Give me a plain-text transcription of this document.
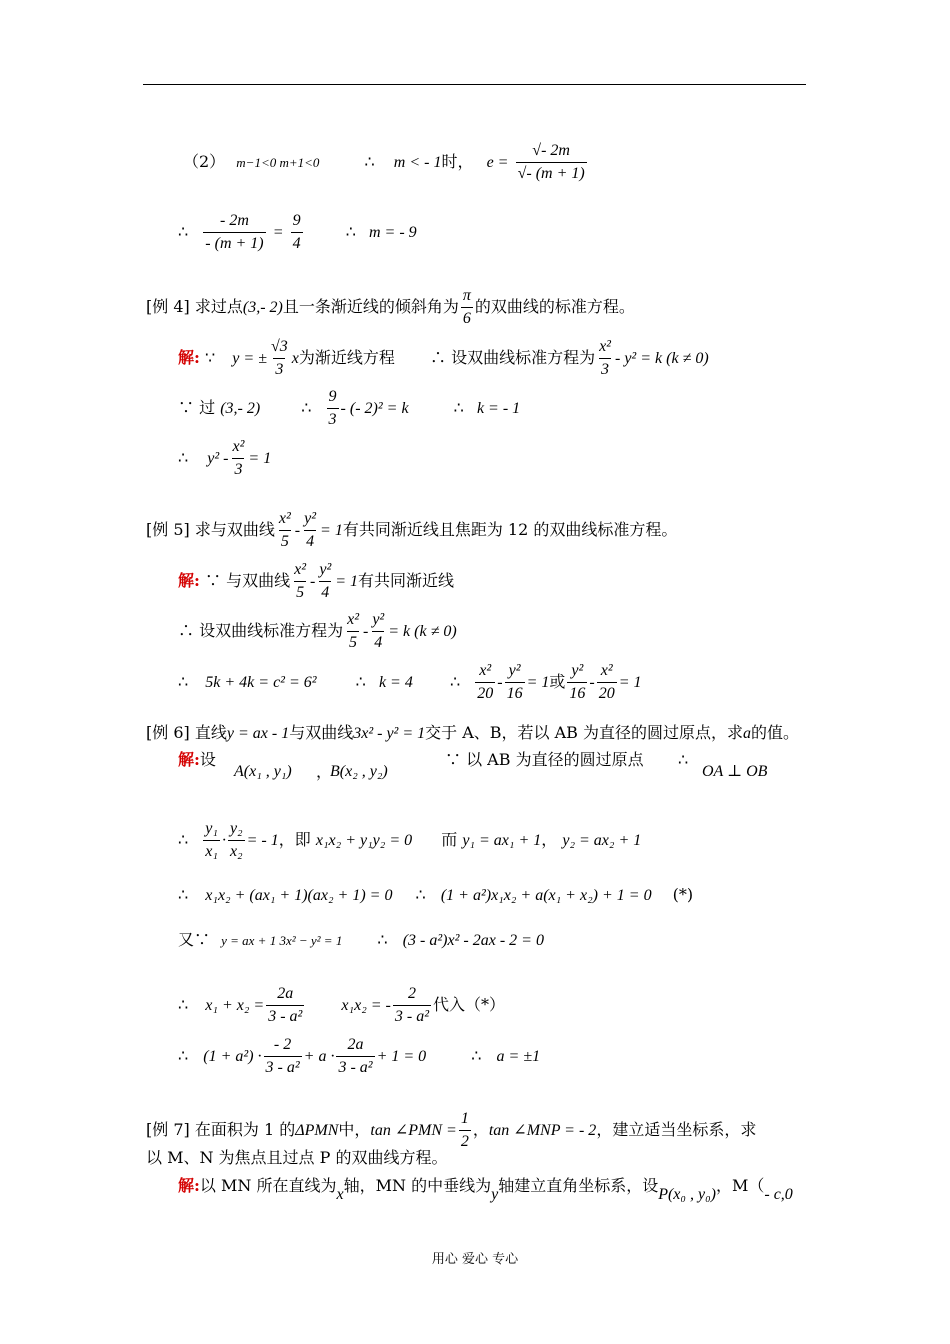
（2） m−1<0 m+1<0	∴ m < - 1时， $e = \frac{√- 2m}{√- (m + 1)}$
∴ $\frac{- 2m}{- (m + 1)} = \frac{9}{4}$	∴ m = - 9
[例 4] 求过点(3,- 2)且一条渐近线的倾斜角为 $\frac{\pi}{6}$ 的双曲线的标准方程。
解: ∵ y = ± $\frac{√3}{3}$ x为渐近线方程 ∴ 设双曲线标准方程为 $\frac{\text{x²}}{3} - y^2 = k$ (k ≠ 0)
∵ 过 (3,- 2)	∴ $\frac{9}{3}$ - (- 2)² = k	∴ k = - 1
∴ $y^2 - \frac{\text{x²}}{3} = 1$
[例 5] 求与双曲线 $\frac{\text{x²}}{5} - \frac{\text{y²}}{4} = 1$有共同渐近线且焦距为 12 的双曲线标准方程。
解: ∵ 与双曲线 $\frac{\text{x²}}{5} - \frac{\text{y²}}{4} = 1$有共同渐近线
∴ 设双曲线标准方程为 $\frac{\text{x²}}{5} - \frac{\text{y²}}{4} = k$ (k ≠ 0)
∴ 5k + 4k = c² = 6² ∴ k = 4 ∴ $\frac{\text{x²}}{20} - \frac{\text{y²}}{16} = 1$或 $\frac{\text{y²}}{16} - \frac{\text{x²}}{20} = 1$
[例 6] 直线y = ax - 1与双曲线3x² - y² = 1交于 A、B，若以 AB 为直径的圆过原点，求a的值。
解:设
A(x₁ , y₁) ，
B(x₂ , y₂)
∵ 以 AB 为直径的圆过原点 ∴
OA ⊥ OB
∴ $\frac{\text{y₁}}{\text{x₁}} \cdot \frac{\text{y₂}}{\text{x₂}}$ = - 1，即 x₁x₂ + y₁y₂ = 0 而 y₁ = ax₁ + 1， y₂ = ax₂ + 1
∴ x₁x₂ + (ax₁ + 1)(ax₂ + 1) = 0 ∴ (1 + a²)x₁x₂ + a(x₁ + x₂) + 1 = 0 (*)
又∵ y = ax + 1 3x² − y² = 1 ∴ (3 - a²)x² - 2ax - 2 = 0
∴ $x_1 + x_2 = \frac{2a}{\text{3 - a²}} x_1x_2$ = - $\frac{2}{\text{3 - a²}}$ 代入（*）
∴ $(1 + a^2) \cdot \frac{- 2}{\text{3 - a²}} + a \cdot \frac{2a}{\text{3 - a²}} + 1 = 0$	∴ a = ±1
[例 7] 在面积为 1 的ΔPMN中，tan ∠PMN = $\frac{1}{2}$ ，tan ∠MNP = - 2，建立适当坐标系，求
以 M、N 为焦点且过点 P 的双曲线方程。
解:以 MN 所在直线为x轴，MN 的中垂线为y轴建立直角坐标系，设P(x₀ , y₀)，M（- c,0
用心 爱心 专心
